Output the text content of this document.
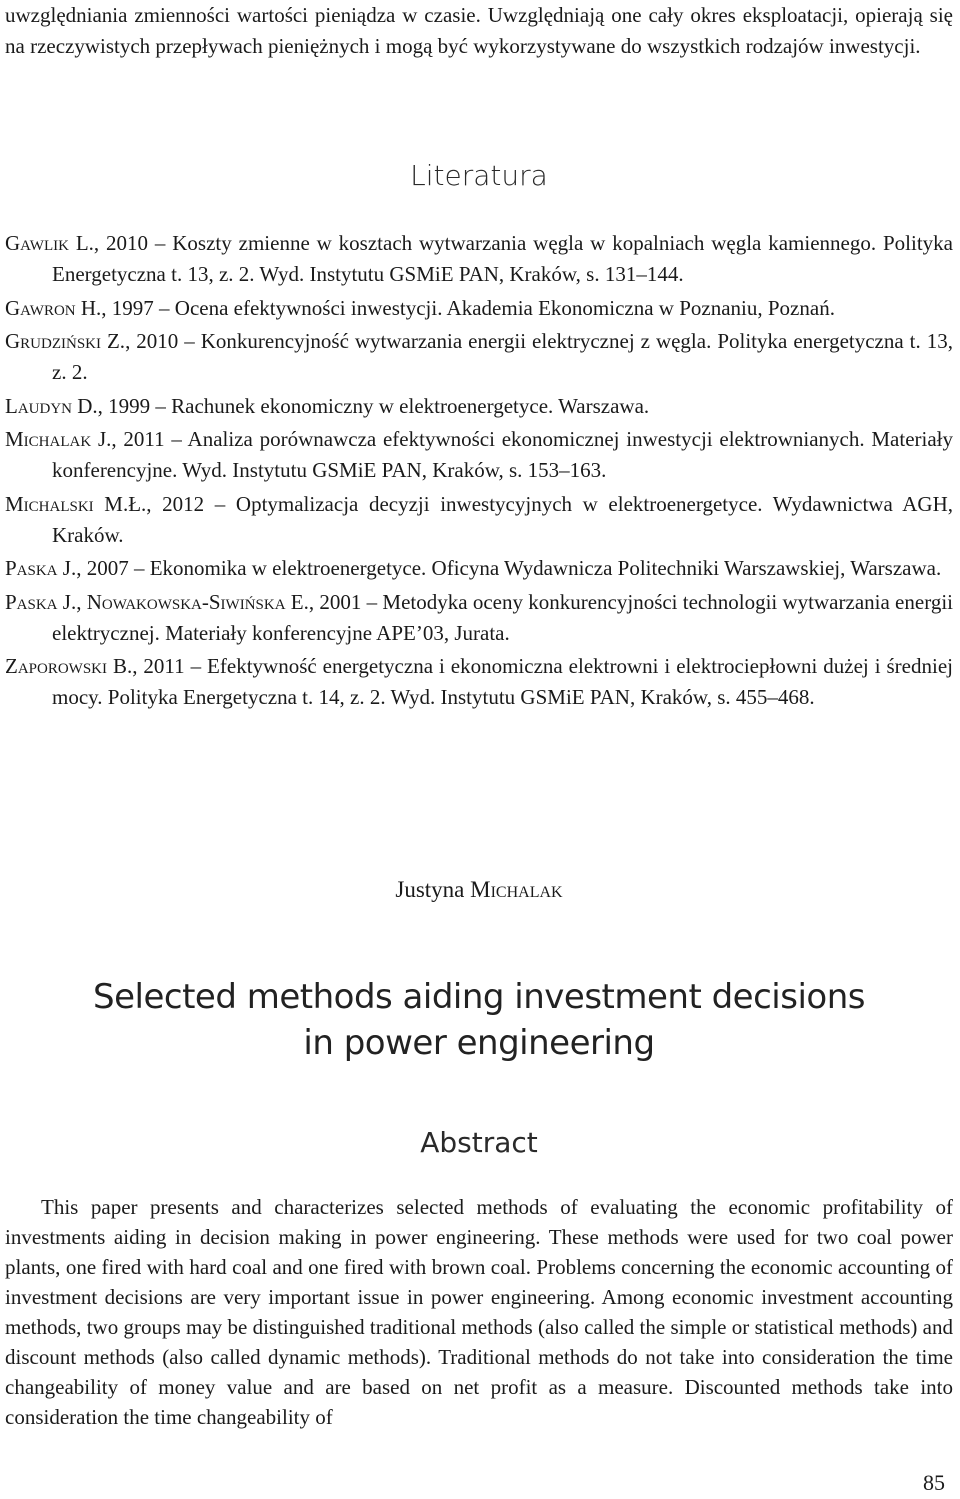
uwzględniania zmienności wartości pieniądza w czasie. Uwzględniają one cały okres eksploatacji, opierają się na rzeczywistych przepływach pieniężnych i mogą być wykorzystywane do wszystkich rodzajów inwestycji.

Literatura
Gawlik L., 2010 – Koszty zmienne w kosztach wytwarzania węgla w kopalniach węgla kamiennego. Polityka Energetyczna t. 13, z. 2. Wyd. Instytutu GSMiE PAN, Kraków, s. 131–144.
Gawron H., 1997 – Ocena efektywności inwestycji. Akademia Ekonomiczna w Poznaniu, Poznań.
Grudziński Z., 2010 – Konkurencyjność wytwarzania energii elektrycznej z węgla. Polityka energetyczna t. 13, z. 2.
Laudyn D., 1999 – Rachunek ekonomiczny w elektroenergetyce. Warszawa.
Michalak J., 2011 – Analiza porównawcza efektywności ekonomicznej inwestycji elektrownianych. Materiały konferencyjne. Wyd. Instytutu GSMiE PAN, Kraków, s. 153–163.
Michalski M.Ł., 2012 – Optymalizacja decyzji inwestycyjnych w elektroenergetyce. Wydawnictwa AGH, Kraków.
Paska J., 2007 – Ekonomika w elektroenergetyce. Oficyna Wydawnicza Politechniki Warszawskiej, Warszawa.
Paska J., Nowakowska-Siwińska E., 2001 – Metodyka oceny konkurencyjności technologii wytwarzania energii elektrycznej. Materiały konferencyjne APE’03, Jurata.
Zaporowski B., 2011 – Efektywność energetyczna i ekonomiczna elektrowni i elektrociepłowni dużej i średniej mocy. Polityka Energetyczna t. 14, z. 2. Wyd. Instytutu GSMiE PAN, Kraków, s. 455–468.
Justyna Michalak
Selected methods aiding investment decisions
in power engineering
Abstract

This paper presents and characterizes selected methods of evaluating the economic profitability of investments aiding in decision making in power engineering. These methods were used for two coal power plants, one fired with hard coal and one fired with brown coal. Problems concerning the economic accounting of investment decisions are very important issue in power engineering. Among economic investment accounting methods, two groups may be distinguished traditional methods (also called the simple or statistical methods) and discount methods (also called dynamic methods). Traditional methods do not take into consideration the time changeability of money value and are based on net profit as a measure. Discounted methods take into consideration the time changeability of

85
